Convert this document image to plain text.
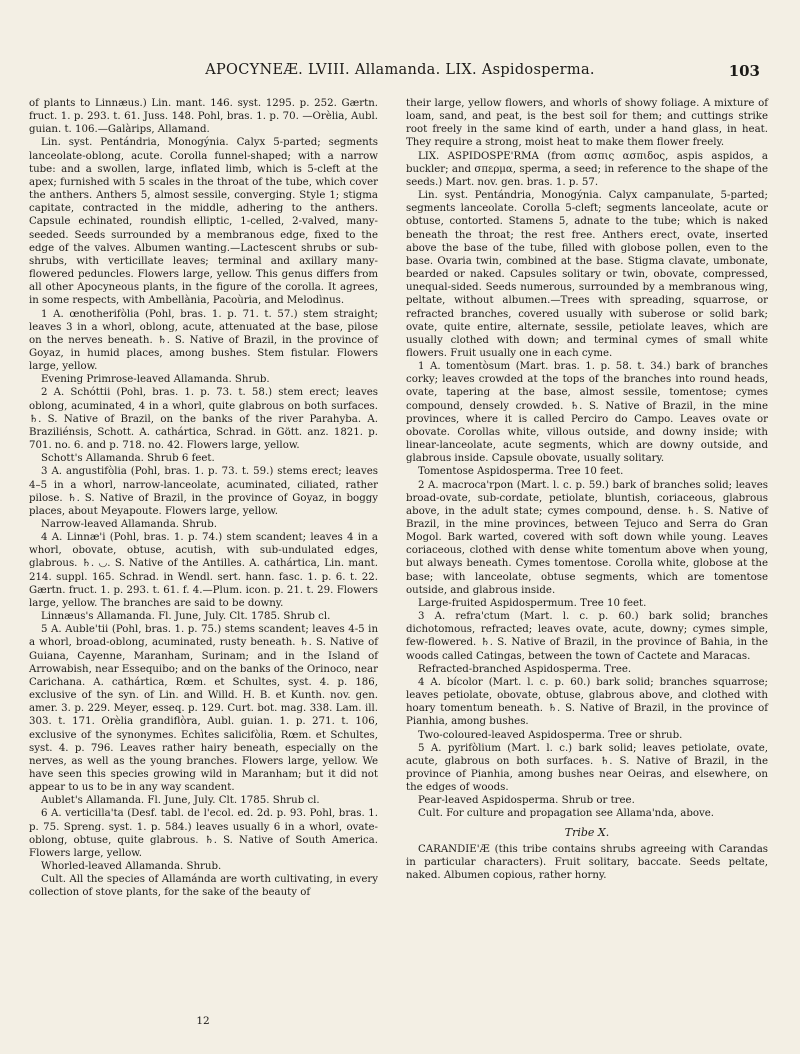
APOCYNEÆ. LVIII. Allamanda. LIX. Aspidosperma.	103

of plants to Linnæus.) Lin. mant. 146. syst. 1295. p. 252. Gærtn. fruct. 1. p. 293. t. 61. Juss. 148. Pohl, bras. 1. p. 70. —Orèlia, Aubl. guian. t. 106.—Galàrips, Allamand.

Lin. syst. Pentándria, Monogýnia. Calyx 5-parted; segments lanceolate-oblong, acute. Corolla funnel-shaped; with a narrow tube: and a swollen, large, inflated limb, which is 5-cleft at the apex; furnished with 5 scales in the throat of the tube, which cover the anthers. Anthers 5, almost sessile, converging. Style 1; stigma capitate, contracted in the middle, adhering to the anthers. Capsule echinated, roundish elliptic, 1-celled, 2-valved, many-seeded. Seeds surrounded by a membranous edge, fixed to the edge of the valves. Albumen wanting.—Lactescent shrubs or sub-shrubs, with verticillate leaves; terminal and axillary many-flowered peduncles. Flowers large, yellow. This genus differs from all other Apocyneous plants, in the figure of the corolla. It agrees, in some respects, with Ambellània, Pacoùria, and Melodìnus.

1 A. œnotherifòlia (Pohl, bras. 1. p. 71. t. 57.) stem straight; leaves 3 in a whorl, oblong, acute, attenuated at the base, pilose on the nerves beneath. ♄. S. Native of Brazil, in the province of Goyaz, in humid places, among bushes. Stem fistular. Flowers large, yellow.

Evening Primrose-leaved Allamanda. Shrub.

2 A. Schóttii (Pohl, bras. 1. p. 73. t. 58.) stem erect; leaves oblong, acuminated, 4 in a whorl, quite glabrous on both surfaces. ♄. S. Native of Brazil, on the banks of the river Parahyba. A. Braziliénsis, Schott. A. cathártica, Schrad. in Gött. anz. 1821. p. 701. no. 6. and p. 718. no. 42. Flowers large, yellow.

Schott's Allamanda. Shrub 6 feet.

3 A. angustifòlia (Pohl, bras. 1. p. 73. t. 59.) stems erect; leaves 4–5 in a whorl, narrow-lanceolate, acuminated, ciliated, rather pilose. ♄. S. Native of Brazil, in the province of Goyaz, in boggy places, about Meyapoute. Flowers large, yellow.

Narrow-leaved Allamanda. Shrub.

4 A. Linnæ'i (Pohl, bras. 1. p. 74.) stem scandent; leaves 4 in a whorl, obovate, obtuse, acutish, with sub-undulated edges, glabrous. ♄. ◡. S. Native of the Antilles. A. cathártica, Lin. mant. 214. suppl. 165. Schrad. in Wendl. sert. hann. fasc. 1. p. 6. t. 22. Gærtn. fruct. 1. p. 293. t. 61. f. 4.—Plum. icon. p. 21. t. 29. Flowers large, yellow. The branches are said to be downy.

Linnæus's Allamanda. Fl. June, July. Clt. 1785. Shrub cl.

5 A. Auble'tii (Pohl, bras. 1. p. 75.) stems scandent; leaves 4-5 in a whorl, broad-oblong, acuminated, rusty beneath. ♄. S. Native of Guiana, Cayenne, Maranham, Surinam; and in the Island of Arrowabish, near Essequibo; and on the banks of the Orinoco, near Carichana. A. cathártica, Rœm. et Schultes, syst. 4. p. 186, exclusive of the syn. of Lin. and Willd. H. B. et Kunth. nov. gen. amer. 3. p. 229. Meyer, esseq. p. 129. Curt. bot. mag. 338. Lam. ill. 303. t. 171. Orèlia grandiflòra, Aubl. guian. 1. p. 271. t. 106, exclusive of the synonymes. Echìtes salicifòlia, Rœm. et Schultes, syst. 4. p. 796. Leaves rather hairy beneath, especially on the nerves, as well as the young branches. Flowers large, yellow. We have seen this species growing wild in Maranham; but it did not appear to us to be in any way scandent.

Aublet's Allamanda. Fl. June, July. Clt. 1785. Shrub cl.

6 A. verticilla'ta (Desf. tabl. de l'ecol. ed. 2d. p. 93. Pohl, bras. 1. p. 75. Spreng. syst. 1. p. 584.) leaves usually 6 in a whorl, ovate-oblong, obtuse, quite glabrous. ♄. S. Native of South America. Flowers large, yellow.

Whorled-leaved Allamanda. Shrub.

Cult. All the species of Allamánda are worth cultivating, in every collection of stove plants, for the sake of the beauty of

their large, yellow flowers, and whorls of showy foliage. A mixture of loam, sand, and peat, is the best soil for them; and cuttings strike root freely in the same kind of earth, under a hand glass, in heat. They require a strong, moist heat to make them flower freely.

LIX. ASPIDOSPE'RMA (from ασπις ασπιδος, aspis aspidos, a buckler; and σπερμα, sperma, a seed; in reference to the shape of the seeds.) Mart. nov. gen. bras. 1. p. 57.

Lin. syst. Pentándria, Monogýnia. Calyx campanulate, 5-parted; segments lanceolate. Corolla 5-cleft; segments lanceolate, acute or obtuse, contorted. Stamens 5, adnate to the tube; which is naked beneath the throat; the rest free. Anthers erect, ovate, inserted above the base of the tube, filled with globose pollen, even to the base. Ovaria twin, combined at the base. Stigma clavate, umbonate, bearded or naked. Capsules solitary or twin, obovate, compressed, unequal-sided. Seeds numerous, surrounded by a membranous wing, peltate, without albumen.—Trees with spreading, squarrose, or refracted branches, covered usually with suberose or solid bark; ovate, quite entire, alternate, sessile, petiolate leaves, which are usually clothed with down; and terminal cymes of small white flowers. Fruit usually one in each cyme.

1 A. tomentòsum (Mart. bras. 1. p. 58. t. 34.) bark of branches corky; leaves crowded at the tops of the branches into round heads, ovate, tapering at the base, almost sessile, tomentose; cymes compound, densely crowded. ♄. S. Native of Brazil, in the mine provinces, where it is called Perciro do Campo. Leaves ovate or obovate. Corollas white, villous outside, and downy inside; with linear-lanceolate, acute segments, which are downy outside, and glabrous inside. Capsule obovate, usually solitary.

Tomentose Aspidosperma. Tree 10 feet.

2 A. macroca'rpon (Mart. l. c. p. 59.) bark of branches solid; leaves broad-ovate, sub-cordate, petiolate, bluntish, coriaceous, glabrous above, in the adult state; cymes compound, dense. ♄. S. Native of Brazil, in the mine provinces, between Tejuco and Serra do Gran Mogol. Bark warted, covered with soft down while young. Leaves coriaceous, clothed with dense white tomentum above when young, but always beneath. Cymes tomentose. Corolla white, globose at the base; with lanceolate, obtuse segments, which are tomentose outside, and glabrous inside.

Large-fruited Aspidospermum. Tree 10 feet.

3 A. refra'ctum (Mart. l. c. p. 60.) bark solid; branches dichotomous, refracted; leaves ovate, acute, downy; cymes simple, few-flowered. ♄. S. Native of Brazil, in the province of Bahia, in the woods called Catingas, between the town of Cactete and Maracas.

Refracted-branched Aspidosperma. Tree.

4 A. bícolor (Mart. l. c. p. 60.) bark solid; branches squarrose; leaves petiolate, obovate, obtuse, glabrous above, and clothed with hoary tomentum beneath. ♄. S. Native of Brazil, in the province of Pianhia, among bushes.

Two-coloured-leaved Aspidosperma. Tree or shrub.

5 A. pyrifòlium (Mart. l. c.) bark solid; leaves petiolate, ovate, acute, glabrous on both surfaces. ♄. S. Native of Brazil, in the province of Pianhia, among bushes near Oeiras, and elsewhere, on the edges of woods.

Pear-leaved Aspidosperma. Shrub or tree.

Cult. For culture and propagation see Allama'nda, above.

Tribe X.

CARANDIE'Æ (this tribe contains shrubs agreeing with Carandas in particular characters). Fruit solitary, baccate. Seeds peltate, naked. Albumen copious, rather horny.

12
